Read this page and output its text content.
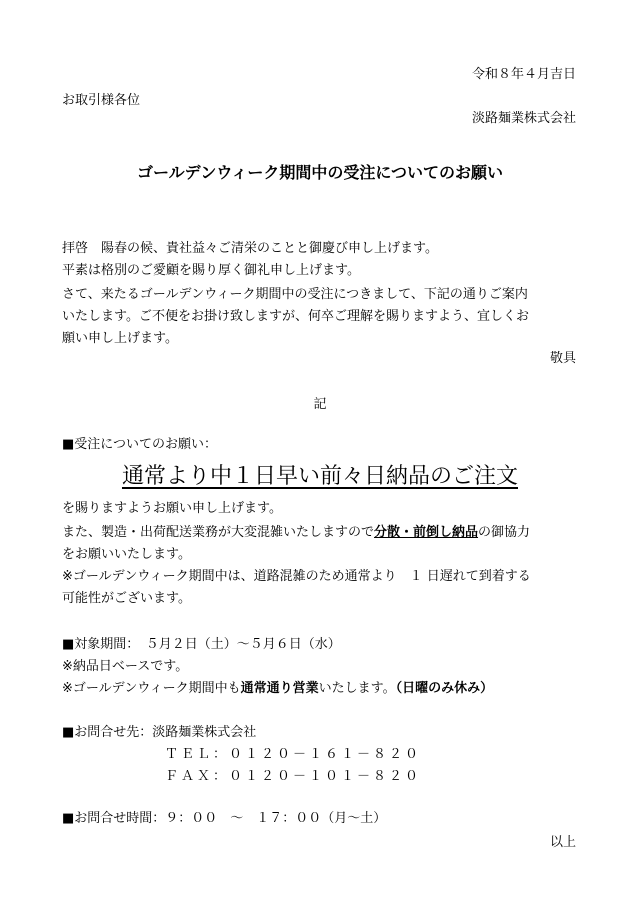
令和８年４月吉日
お取引様各位
淡路麺業株式会社
ゴールデンウィーク期間中の受注についてのお願い
拝啓　陽春の候、貴社益々ご清栄のことと御慶び申し上げます。
平素は格別のご愛顧を賜り厚く御礼申し上げます。
さて、来たるゴールデンウィーク期間中の受注につきまして、下記の通りご案内
いたします。ご不便をお掛け致しますが、何卒ご理解を賜りますよう、宜しくお
願い申し上げます。
敬具
記
■受注についてのお願い：
通常より中１日早い前々日納品のご注文
を賜りますようお願い申し上げます。
また、製造・出荷配送業務が大変混雑いたしますので分散・前倒し納品の御協力
をお願いいたします。
※ゴールデンウィーク期間中は、道路混雑のため通常より　１ 日遅れて到着する
可能性がございます。
■対象期間：　５月２日（土）～５月６日（水）
※納品日ベースです。
※ゴールデンウィーク期間中も通常通り営業いたします。（日曜のみ休み）
■お問合せ先：淡路麺業株式会社
ＴＥＬ：０１２０－１６１－８２０
ＦＡＸ：０１２０－１０１－８２０
■お問合せ時間：９：００　～　１７：００（月～土）
以上
